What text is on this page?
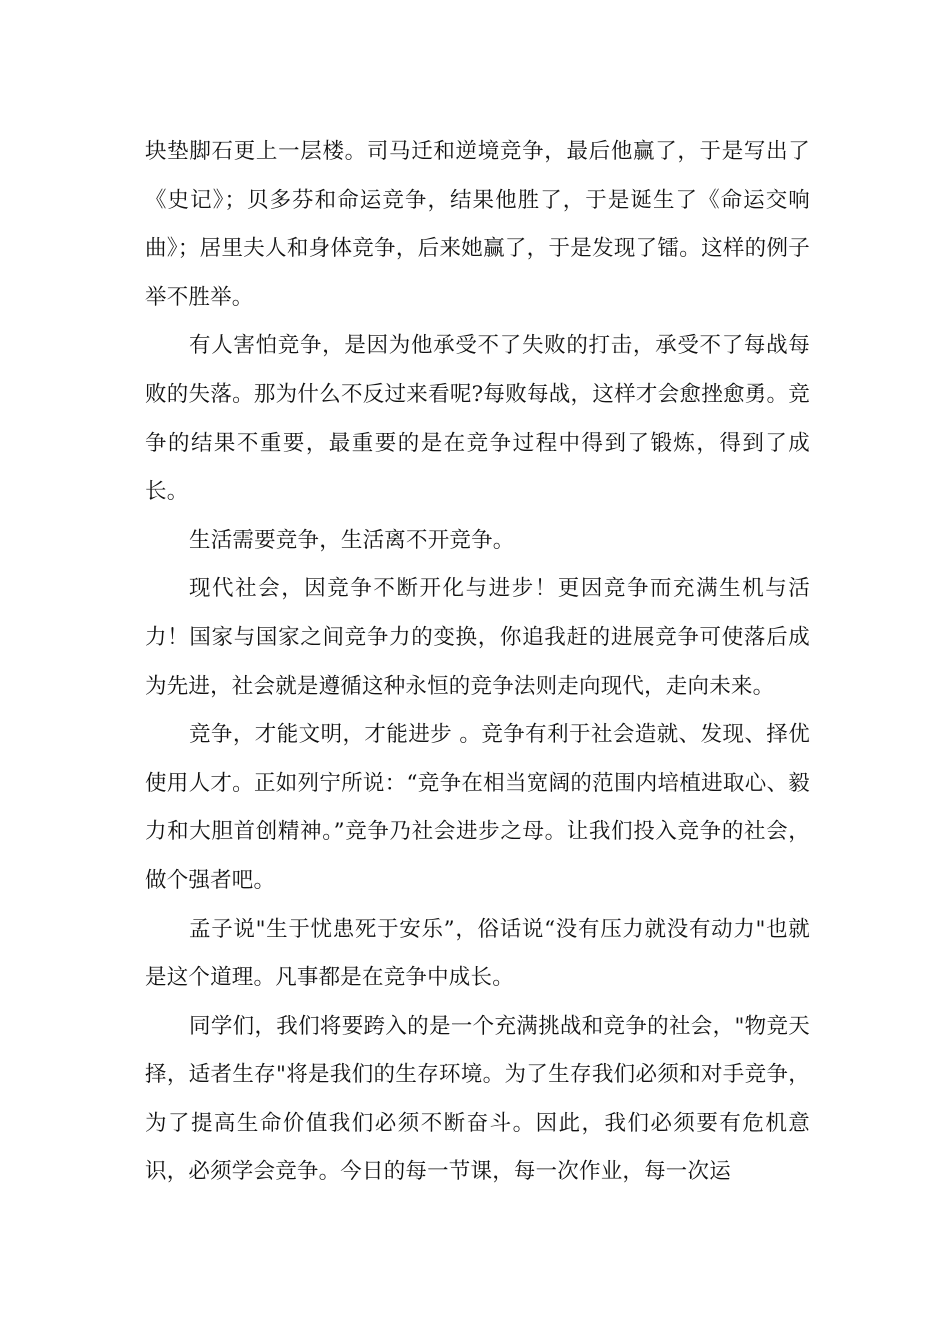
块垫脚石更上一层楼。司马迁和逆境竞争，最后他赢了，于是写出了《史记》；贝多芬和命运竞争，结果他胜了，于是诞生了《命运交响曲》；居里夫人和身体竞争，后来她赢了，于是发现了镭。这样的例子举不胜举。

有人害怕竞争，是因为他承受不了失败的打击，承受不了每战每败的失落。那为什么不反过来看呢?每败每战，这样才会愈挫愈勇。竞争的结果不重要，最重要的是在竞争过程中得到了锻炼，得到了成长。

生活需要竞争，生活离不开竞争。

现代社会，因竞争不断开化与进步！更因竞争而充满生机与活力！国家与国家之间竞争力的变换，你追我赶的进展竞争可使落后成为先进，社会就是遵循这种永恒的竞争法则走向现代，走向未来。

竞争，才能文明，才能进步 。竞争有利于社会造就、发现、择优使用人才。正如列宁所说：“竞争在相当宽阔的范围内培植进取心、毅力和大胆首创精神。”竞争乃社会进步之母。让我们投入竞争的社会，做个强者吧。

孟子说"生于忧患死于安乐”，俗话说“没有压力就没有动力"也就是这个道理。凡事都是在竞争中成长。

同学们，我们将要跨入的是一个充满挑战和竞争的社会，"物竞天择，适者生存"将是我们的生存环境。为了生存我们必须和对手竞争，为了提高生命价值我们必须不断奋斗。因此，我们必须要有危机意识，必须学会竞争。今日的每一节课，每一次作业，每一次运
